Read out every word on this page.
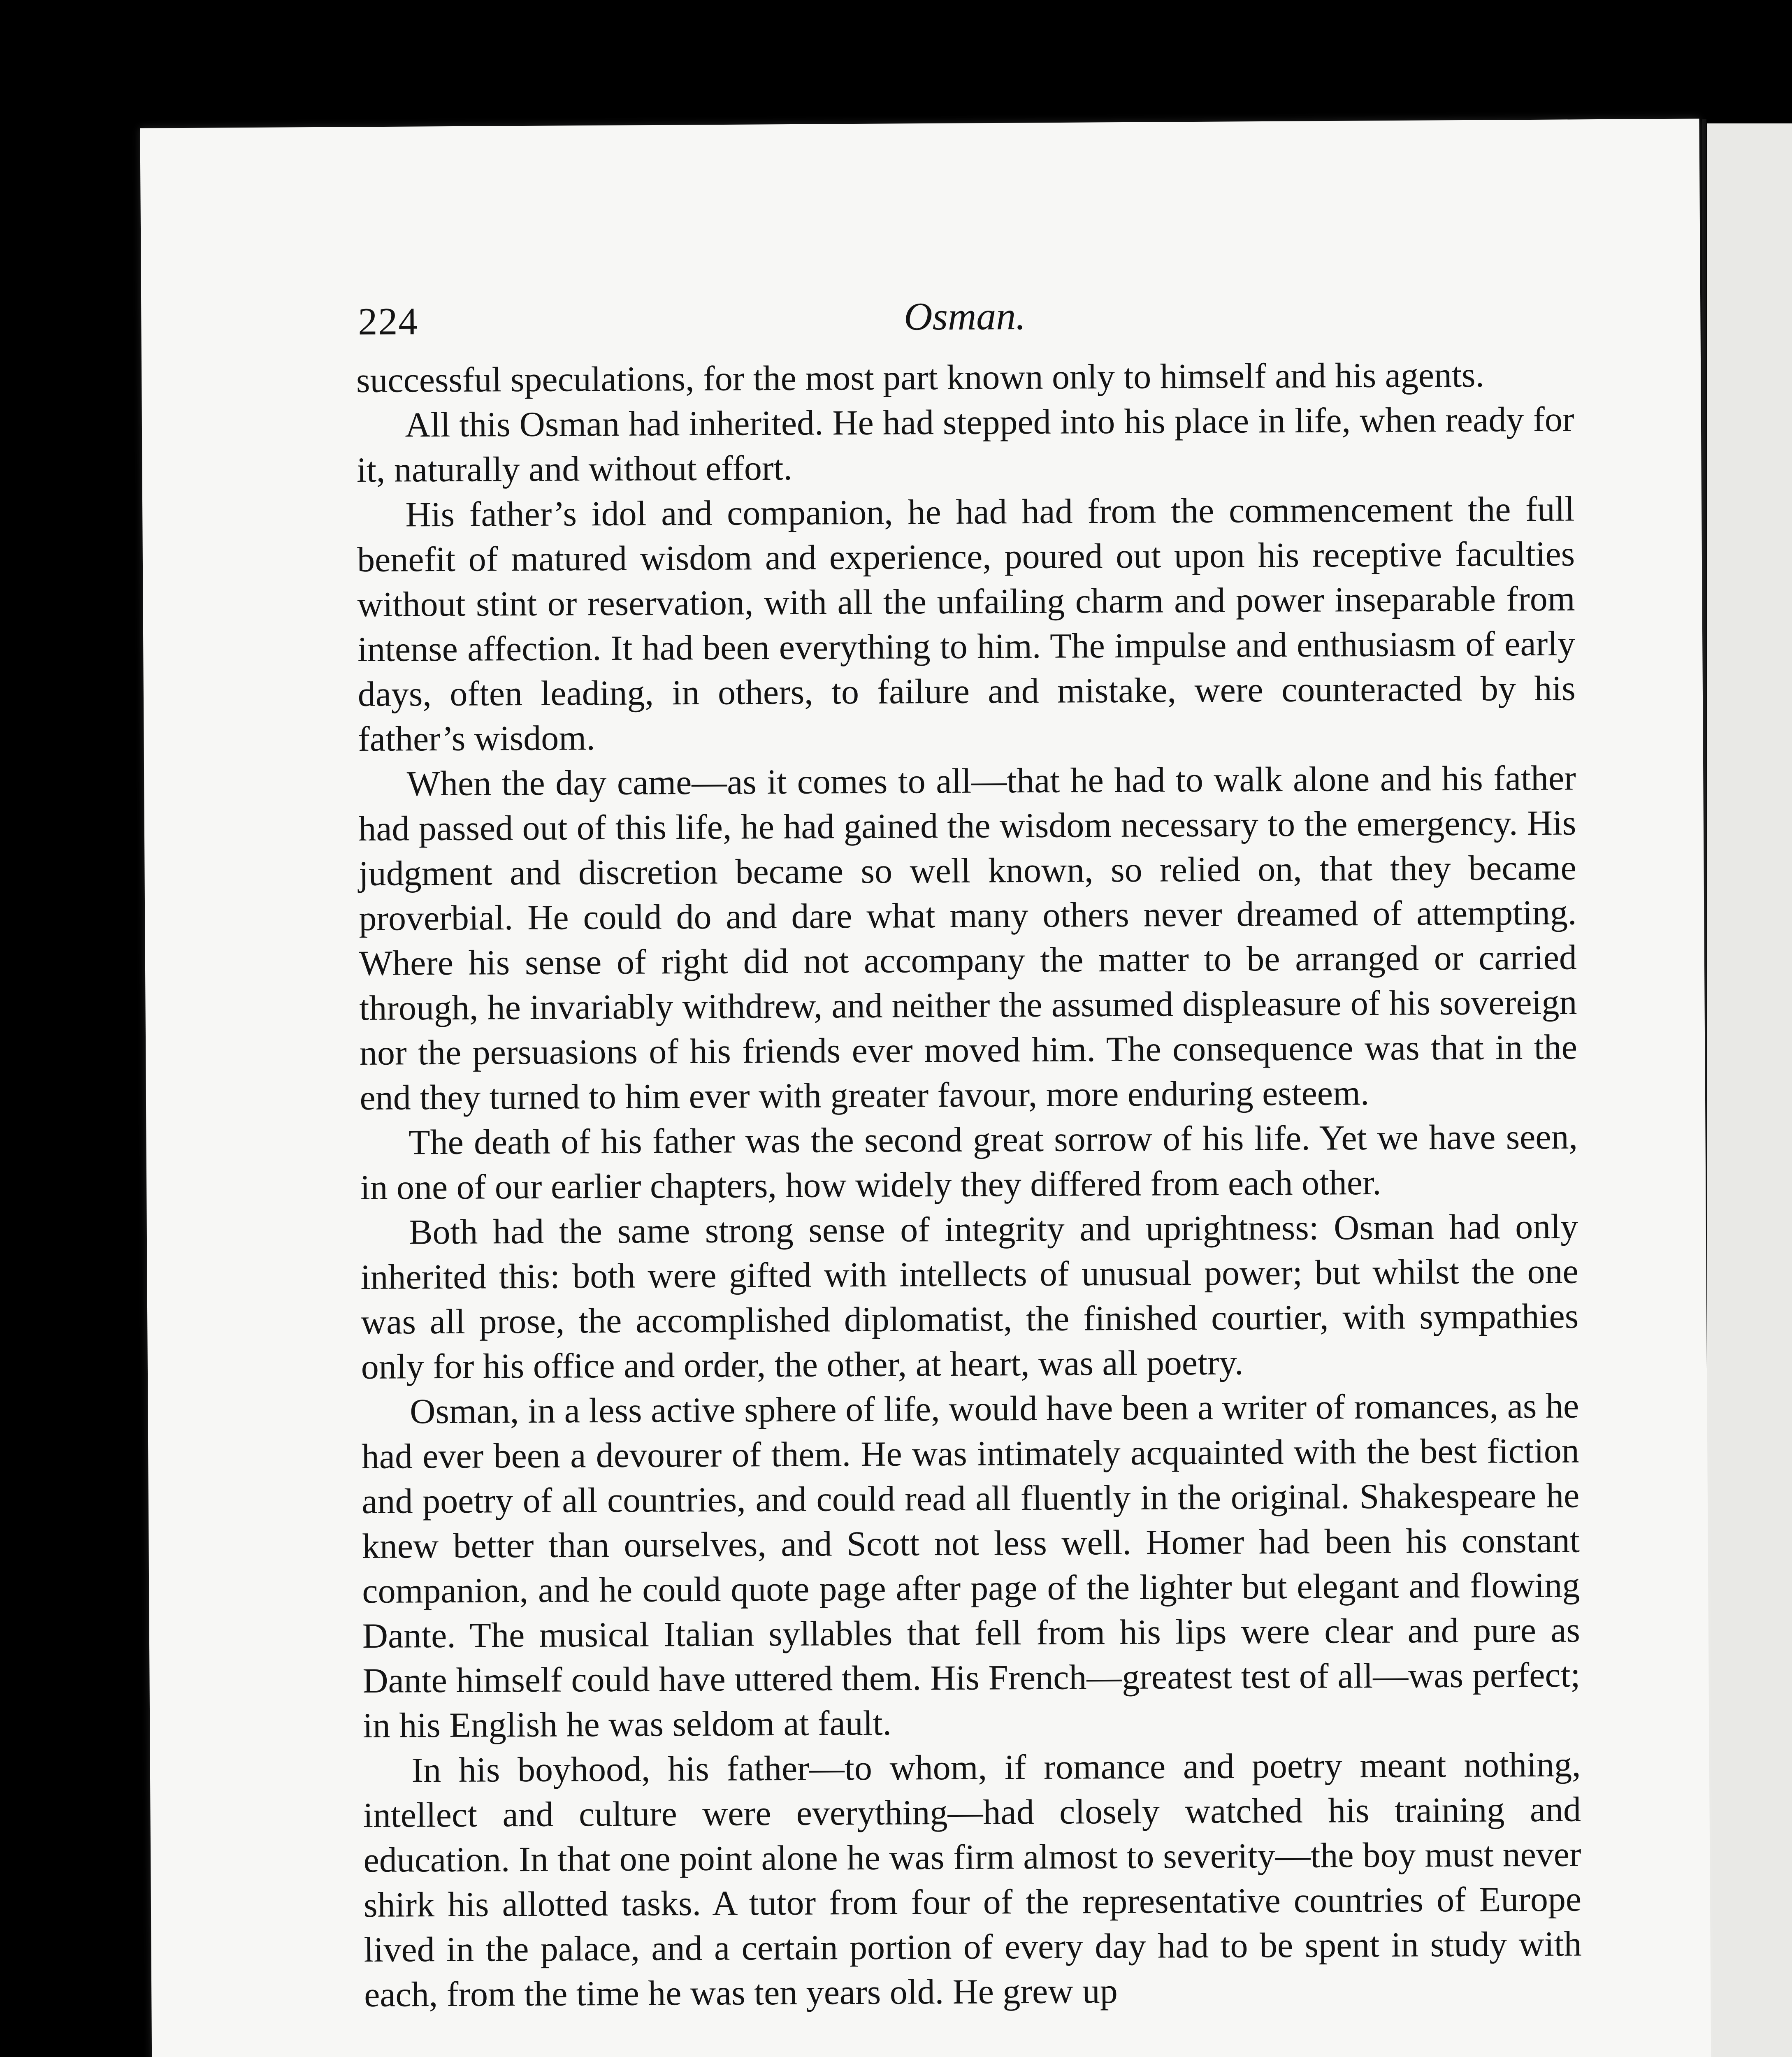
224	Osman.

successful speculations, for the most part known only to himself and his agents.

All this Osman had inherited. He had stepped into his place in life, when ready for it, naturally and without effort.

His father’s idol and companion, he had had from the commencement the full benefit of matured wisdom and experience, poured out upon his receptive faculties without stint or reservation, with all the unfailing charm and power inseparable from intense affection. It had been everything to him. The impulse and enthusiasm of early days, often leading, in others, to failure and mistake, were counteracted by his father’s wisdom.

When the day came—as it comes to all—that he had to walk alone and his father had passed out of this life, he had gained the wisdom necessary to the emergency. His judgment and discretion became so well known, so relied on, that they became proverbial. He could do and dare what many others never dreamed of attempting. Where his sense of right did not accompany the matter to be arranged or carried through, he invariably withdrew, and neither the assumed displeasure of his sovereign nor the persuasions of his friends ever moved him. The consequence was that in the end they turned to him ever with greater favour, more enduring esteem.

The death of his father was the second great sorrow of his life. Yet we have seen, in one of our earlier chapters, how widely they differed from each other.

Both had the same strong sense of integrity and uprightness: Osman had only inherited this: both were gifted with intellects of unusual power; but whilst the one was all prose, the accomplished diplomatist, the finished courtier, with sympathies only for his office and order, the other, at heart, was all poetry.

Osman, in a less active sphere of life, would have been a writer of romances, as he had ever been a devourer of them. He was intimately acquainted with the best fiction and poetry of all countries, and could read all fluently in the original. Shakespeare he knew better than ourselves, and Scott not less well. Homer had been his constant companion, and he could quote page after page of the lighter but elegant and flowing Dante. The musical Italian syllables that fell from his lips were clear and pure as Dante himself could have uttered them. His French—greatest test of all—was perfect; in his English he was seldom at fault.

In his boyhood, his father—to whom, if romance and poetry meant nothing, intellect and culture were everything—had closely watched his training and education. In that one point alone he was firm almost to severity—the boy must never shirk his allotted tasks. A tutor from four of the representative countries of Europe lived in the palace, and a certain portion of every day had to be spent in study with each, from the time he was ten years old. He grew up
